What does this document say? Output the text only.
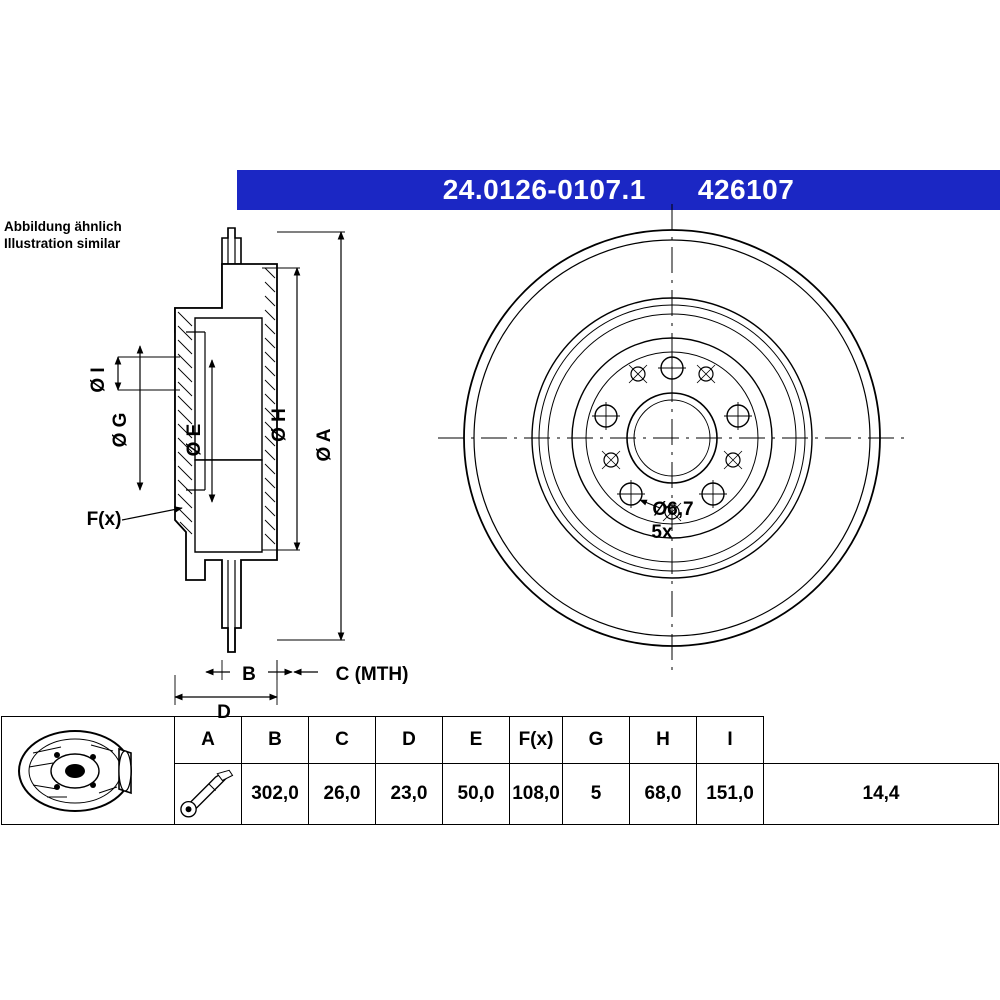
24.0126-0107.1 426107
Abbildung ähnlich
Illustration similar
Ø I
Ø G	Ø E	Ø H
Ø A
F(x)
B	C (MTH)
D
Ø6,7
5x
	A	B	C	D	E	F(x)	G	H	I	

	302,0	26,0	23,0	50,0	108,0	5	68,0	151,0	14,4
